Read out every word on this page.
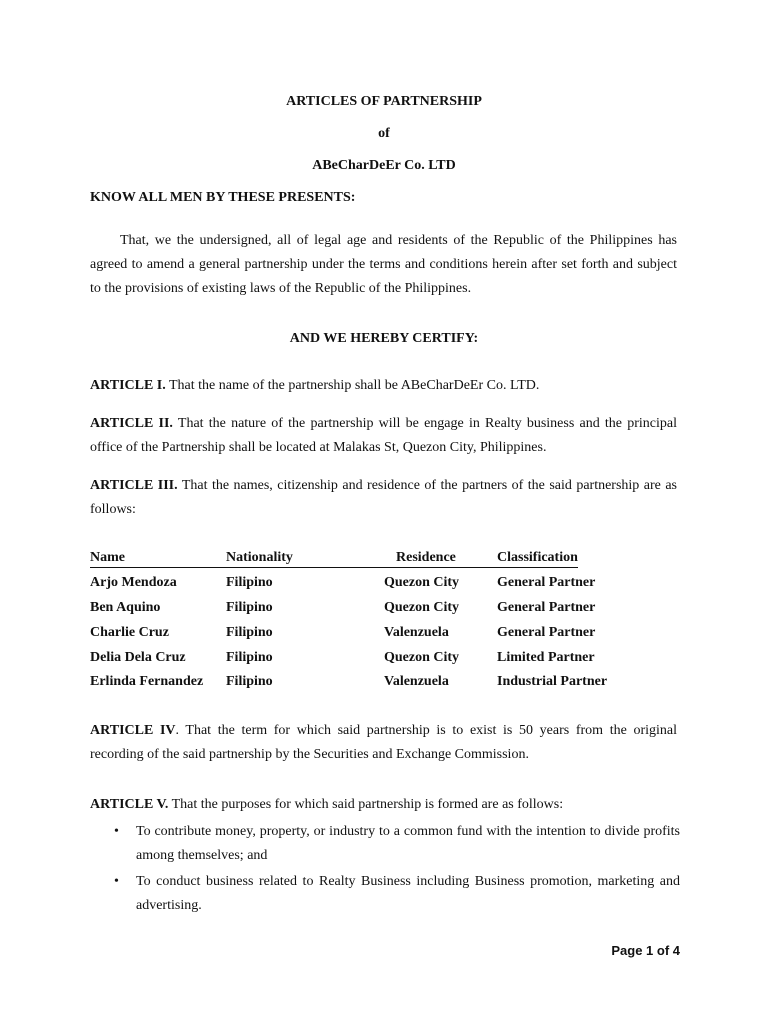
ARTICLES OF PARTNERSHIP
of
ABeCharDeEr Co. LTD
KNOW ALL MEN BY THESE PRESENTS:
That, we the undersigned, all of legal age and residents of the Republic of the Philippines has agreed to amend a general partnership under the terms and conditions herein after set forth and subject to the provisions of existing laws of the Republic of the Philippines.
AND WE HEREBY CERTIFY:
ARTICLE I. That the name of the partnership shall be ABeCharDeEr Co. LTD.
ARTICLE II. That the nature of the partnership will be engage in Realty business and the principal office of the Partnership shall be located at Malakas St, Quezon City, Philippines.
ARTICLE III. That the names, citizenship and residence of the partners of the said partnership are as follows:
Name	Nationality	Residence	Classification
Arjo Mendoza	Filipino	Quezon City	General Partner
Ben Aquino	Filipino	Quezon City	General Partner
Charlie Cruz	Filipino	Valenzuela	General Partner
Delia Dela Cruz	Filipino	Quezon City	Limited Partner
Erlinda Fernandez Filipino	Valenzuela	Industrial Partner
ARTICLE IV. That the term for which said partnership is to exist is 50 years from the original recording of the said partnership by the Securities and Exchange Commission.
ARTICLE V. That the purposes for which said partnership is formed are as follows:
• To contribute money, property, or industry to a common fund with the intention to divide profits among themselves; and
• To conduct business related to Realty Business including Business promotion, marketing and advertising.
Page 1 of 4
